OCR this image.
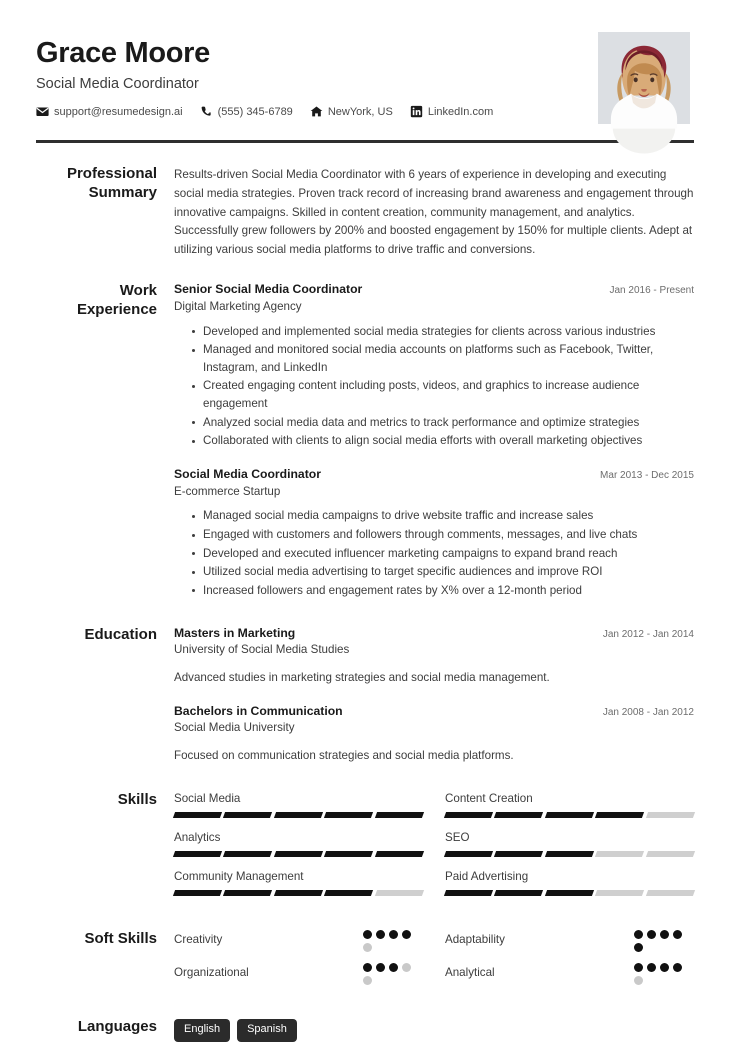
Grace Moore
Social Media Coordinator
support@resumedesign.ai	(555) 345-6789	NewYork, US	LinkedIn.com
Professional Summary

Results-driven Social Media Coordinator with 6 years of experience in developing and executing social media strategies. Proven track record of increasing brand awareness and engagement through innovative campaigns. Skilled in content creation, community management, and analytics. Successfully grew followers by 200% and boosted engagement by 150% for multiple clients. Adept at utilizing various social media platforms to drive traffic and conversions.

Work Experience
Senior Social Media Coordinator	Jan 2016 - Present
Digital Marketing Agency
Developed and implemented social media strategies for clients across various industries
Managed and monitored social media accounts on platforms such as Facebook, Twitter, Instagram, and LinkedIn
Created engaging content including posts, videos, and graphics to increase audience engagement
Analyzed social media data and metrics to track performance and optimize strategies
Collaborated with clients to align social media efforts with overall marketing objectives
Social Media Coordinator	Mar 2013 - Dec 2015
E-commerce Startup
Managed social media campaigns to drive website traffic and increase sales
Engaged with customers and followers through comments, messages, and live chats
Developed and executed influencer marketing campaigns to expand brand reach
Utilized social media advertising to target specific audiences and improve ROI
Increased followers and engagement rates by X% over a 12-month period
Education	Masters in Marketing	Jan 2012 - Jan 2014
University of Social Media Studies
Advanced studies in marketing strategies and social media management.
Bachelors in Communication	Jan 2008 - Jan 2012
Social Media University
Focused on communication strategies and social media platforms.
Skills	Social Media	Content Creation
Analytics	SEO
Community Management	Paid Advertising
Soft Skills	Creativity	Adaptability
Organizational	Analytical
Languages	English	Spanish
